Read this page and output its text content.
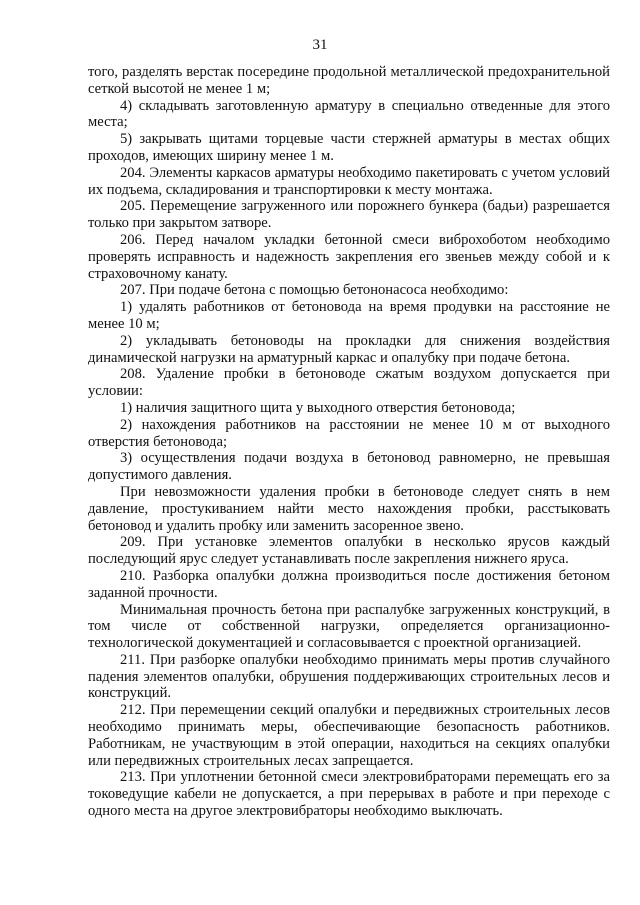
31

того, разделять верстак посередине продольной металлической предохранительной сеткой высотой не менее 1 м;

4) складывать заготовленную арматуру в специально отведенные для этого места;

5) закрывать щитами торцевые части стержней арматуры в местах общих проходов, имеющих ширину менее 1 м.

204. Элементы каркасов арматуры необходимо пакетировать с учетом условий их подъема, складирования и транспортировки к месту монтажа.

205. Перемещение загруженного или порожнего бункера (бадьи) разрешается только при закрытом затворе.

206. Перед началом укладки бетонной смеси виброхоботом необходимо проверять исправность и надежность закрепления его звеньев между собой и к страховочному канату.

207. При подаче бетона с помощью бетононасоса необходимо:

1) удалять работников от бетоновода на время продувки на расстояние не менее 10 м;

2) укладывать бетоноводы на прокладки для снижения воздействия динамической нагрузки на арматурный каркас и опалубку при подаче бетона.

208. Удаление пробки в бетоноводе сжатым воздухом допускается при условии:

1) наличия защитного щита у выходного отверстия бетоновода;

2) нахождения работников на расстоянии не менее 10 м от выходного отверстия бетоновода;

3) осуществления подачи воздуха в бетоновод равномерно, не превышая допустимого давления.

При невозможности удаления пробки в бетоноводе следует снять в нем давление, простукиванием найти место нахождения пробки, расстыковать бетоновод и удалить пробку или заменить засоренное звено.

209. При установке элементов опалубки в несколько ярусов каждый последующий ярус следует устанавливать после закрепления нижнего яруса.

210. Разборка опалубки должна производиться после достижения бетоном заданной прочности.

Минимальная прочность бетона при распалубке загруженных конструкций, в том числе от собственной нагрузки, определяется организационно-технологической документацией и согласовывается с проектной организацией.

211. При разборке опалубки необходимо принимать меры против случайного падения элементов опалубки, обрушения поддерживающих строительных лесов и конструкций.

212. При перемещении секций опалубки и передвижных строительных лесов необходимо принимать меры, обеспечивающие безопасность работников. Работникам, не участвующим в этой операции, находиться на секциях опалубки или передвижных строительных лесах запрещается.

213. При уплотнении бетонной смеси электровибраторами перемещать его за токоведущие кабели не допускается, а при перерывах в работе и при переходе с одного места на другое электровибраторы необходимо выключать.
